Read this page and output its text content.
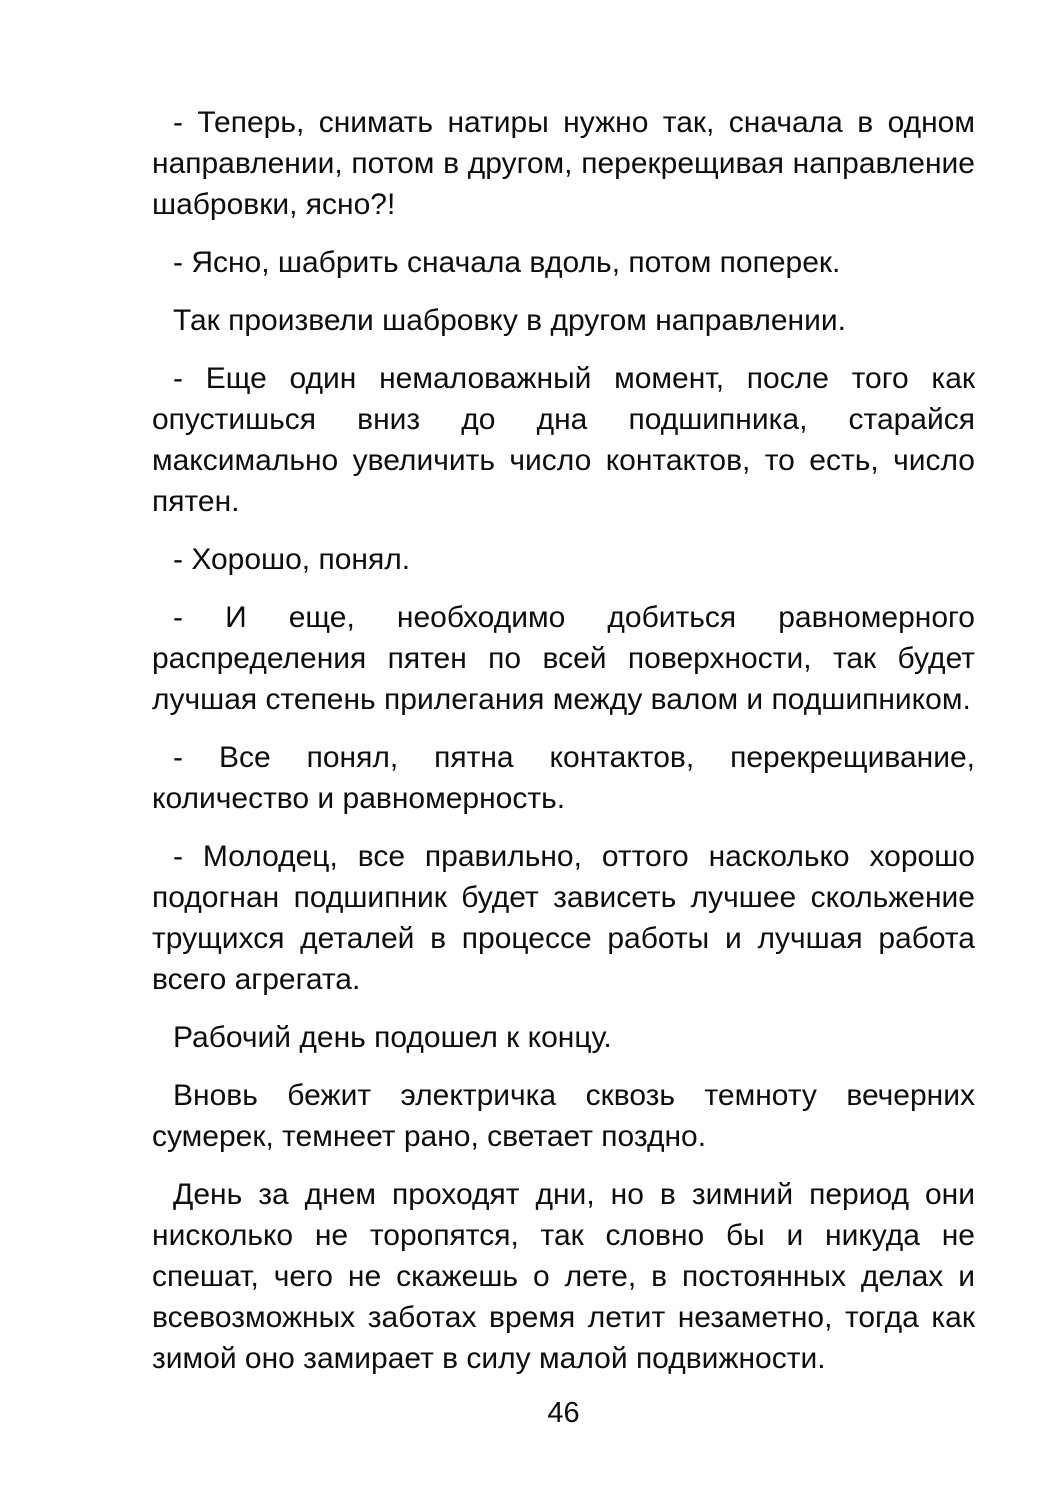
- Теперь, снимать натиры нужно так, сначала в одном направлении, потом в другом, перекрещивая направление шабровки, ясно?!

- Ясно, шабрить сначала вдоль, потом поперек.

Так произвели шабровку в другом направлении.

- Еще один немаловажный момент, после того как опустишься вниз до дна подшипника, старайся максимально увеличить число контактов, то есть, число пятен.

- Хорошо, понял.

- И еще, необходимо добиться равномерного распределения пятен по всей поверхности, так будет лучшая степень прилегания между валом и подшипником.

- Все понял, пятна контактов, перекрещивание, количество и равномерность.

- Молодец, все правильно, оттого насколько хорошо подогнан подшипник будет зависеть лучшее скольжение трущихся деталей в процессе работы и лучшая работа всего агрегата.

Рабочий день подошел к концу.

Вновь бежит электричка сквозь темноту вечерних сумерек, темнеет рано, светает поздно.

День за днем проходят дни, но в зимний период они нисколько не торопятся, так словно бы и никуда не спешат, чего не скажешь о лете, в постоянных делах и всевозможных заботах время летит незаметно, тогда как зимой оно замирает в силу малой подвижности.

46
